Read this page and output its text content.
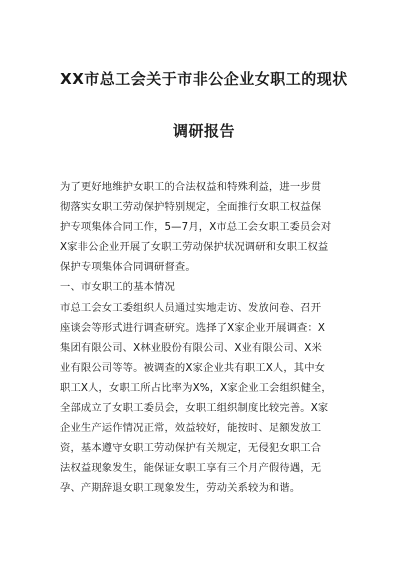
XX市总工会关于市非公企业女职工的现状
调研报告
为了更好地维护女职工的合法权益和特殊利益，进一步贯
彻落实女职工劳动保护特别规定，全面推行女职工权益保
护专项集体合同工作，5—7月，X市总工会女职工委员会对
X家非公企业开展了女职工劳动保护状况调研和女职工权益
保护专项集体合同调研督查。
一、市女职工的基本情况
市总工会女工委组织人员通过实地走访、发放问卷、召开
座谈会等形式进行调查研究。选择了X家企业开展调查：X
集团有限公司、X林业股份有限公司、X业有限公司、X米
业有限公司等等。被调查的X家企业共有职工X人，其中女
职工X人，女职工所占比率为X%，X家企业工会组织健全，
全部成立了女职工委员会，女职工组织制度比较完善。X家
企业生产运作情况正常，效益较好，能按时、足额发放工
资，基本遵守女职工劳动保护有关规定，无侵犯女职工合
法权益现象发生，能保证女职工享有三个月产假待遇，无
孕、产期辞退女职工现象发生，劳动关系较为和谐。
